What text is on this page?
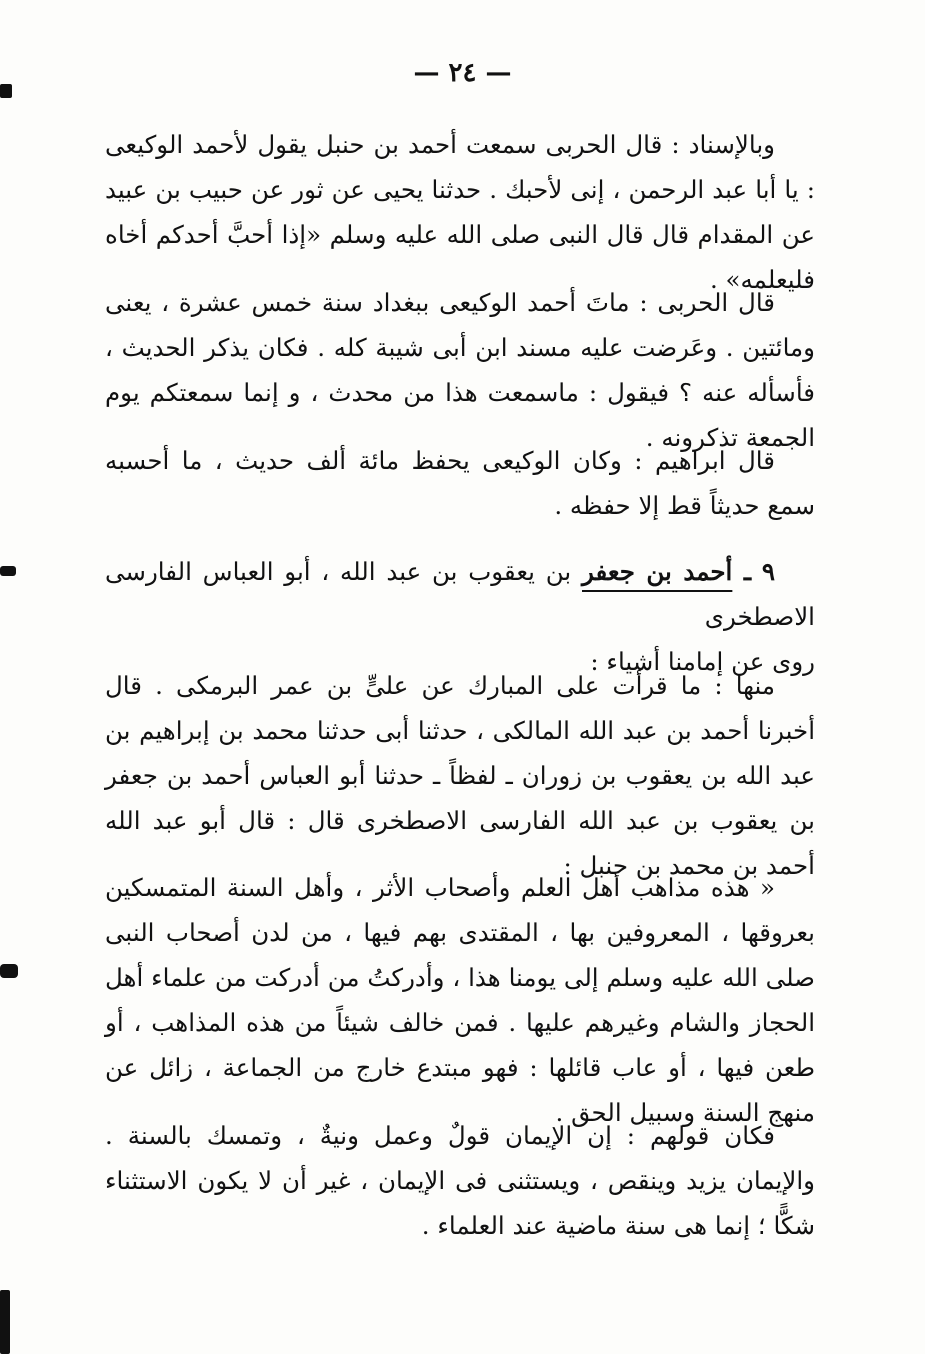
— ٢٤ —

وبالإسناد : قال الحربى سمعت أحمد بن حنبل يقول لأحمد الوكيعى : يا أبا عبد الرحمن ، إنى لأحبك . حدثنا يحيى عن ثور عن حبيب بن عبيد عن المقدام قال قال النبى صلى الله عليه وسلم «إذا أحبَّ أحدكم أخاه فليعلمه» .

قال الحربى : ماتَ أحمد الوكيعى ببغداد سنة خمس عشرة ، يعنى ومائتين . وعَرضت عليه مسند ابن أبى شيبة كله . فكان يذكر الحديث ، فأسأله عنه ؟ فيقول : ماسمعت هذا من محدث ، و إنما سمعتكم يوم الجمعة تذكرونه .

قال ابراهيم : وكان الوكيعى يحفظ مائة ألف حديث ، ما أحسبه سمع حديثاً قط إلا حفظه .

٩ ـ أحمد بن جعفر بن يعقوب بن عبد الله ، أبو العباس الفارسى الاصطخرى

روى عن إمامنا أشياء :

منها : ما قرأت على المبارك عن علىٍّ بن عمر البرمكى . قال أخبرنا أحمد بن عبد الله المالكى ، حدثنا أبى حدثنا محمد بن إبراهيم بن عبد الله بن يعقوب بن زوران ـ لفظاً ـ حدثنا أبو العباس أحمد بن جعفر بن يعقوب بن عبد الله الفارسى الاصطخرى قال : قال أبو عبد الله أحمد بن محمد بن حنبل :

« هذه مذاهب أهل العلم وأصحاب الأثر ، وأهل السنة المتمسكين بعروقها ، المعروفين بها ، المقتدى بهم فيها ، من لدن أصحاب النبى صلى الله عليه وسلم إلى يومنا هذا ، وأدركتُ من أدركت من علماء أهل الحجاز والشام وغيرهم عليها . فمن خالف شيئاً من هذه المذاهب ، أو طعن فيها ، أو عاب قائلها : فهو مبتدع خارج من الجماعة ، زائل عن منهج السنة وسبيل الحق .

فكان قولهم : إن الإيمان قولٌ وعمل ونيةٌ ، وتمسك بالسنة . والإيمان يزيد وينقص ، ويستثنى فى الإيمان ، غير أن لا يكون الاستثناء شكًّا ؛ إنما هى سنة ماضية عند العلماء .
